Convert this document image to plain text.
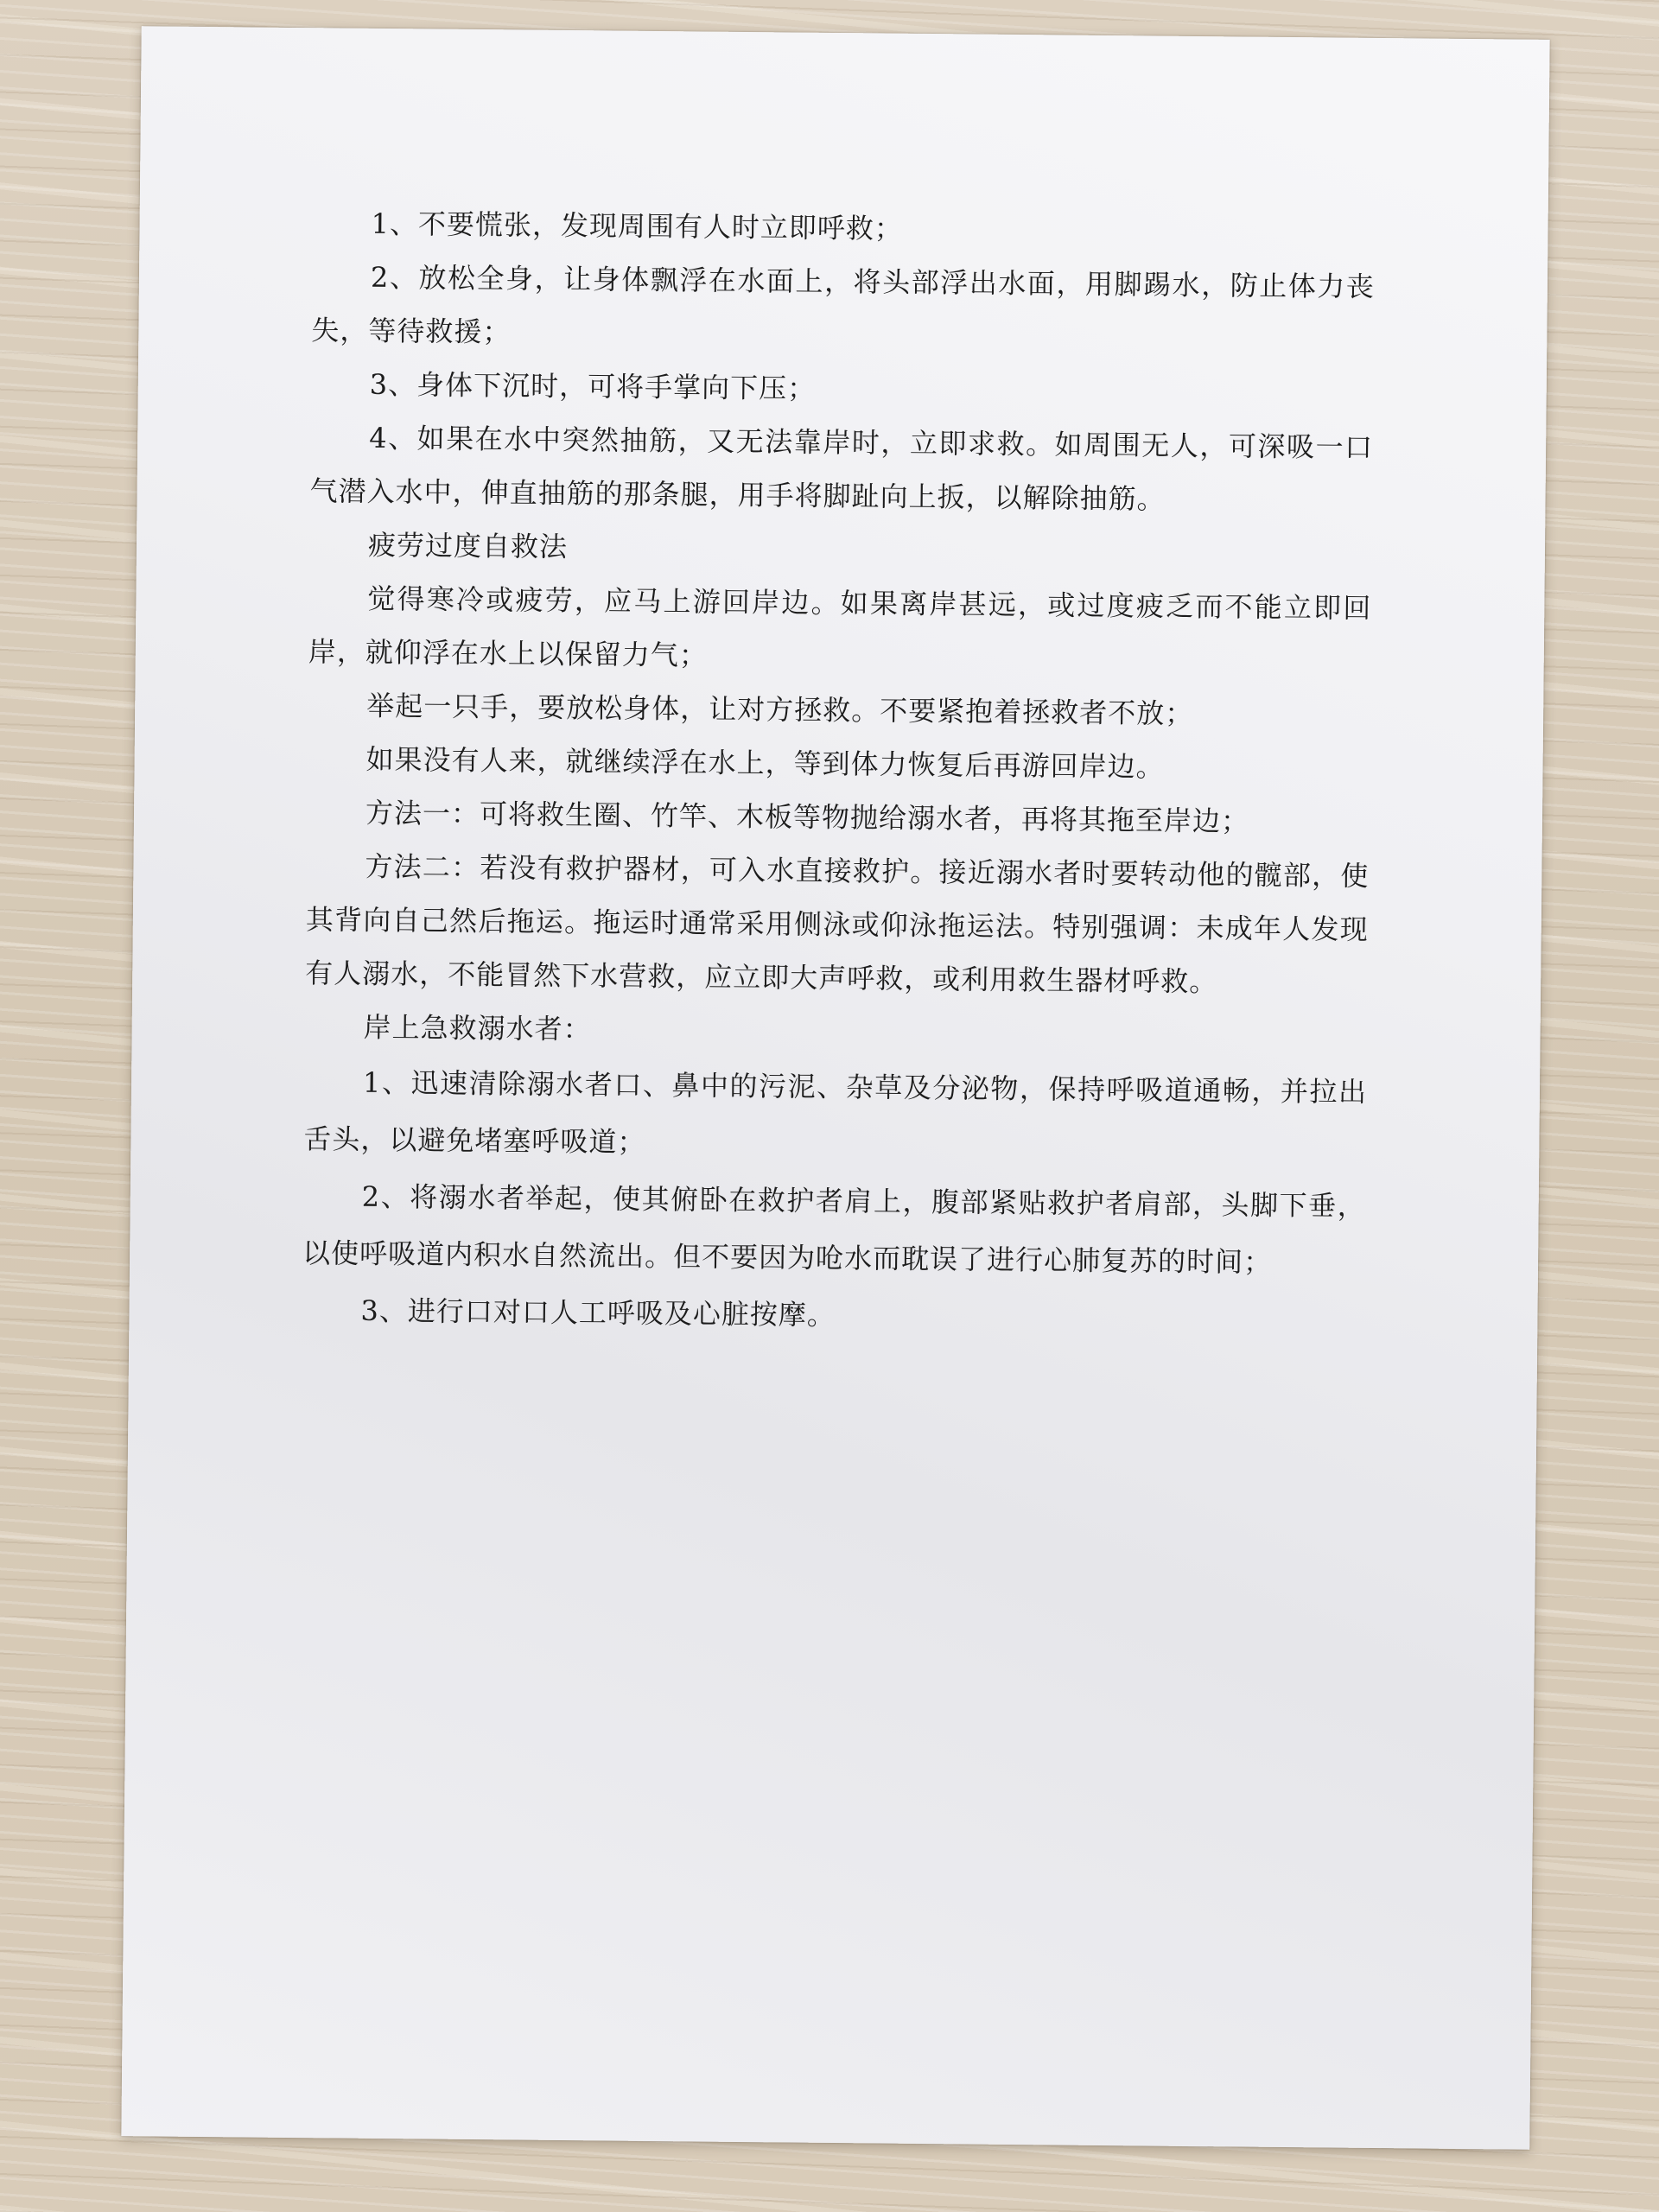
1、不要慌张，发现周围有人时立即呼救；

2、放松全身，让身体飘浮在水面上，将头部浮出水面，用脚踢水，防止体力丧失，等待救援；

3、身体下沉时，可将手掌向下压；

4、如果在水中突然抽筋，又无法靠岸时，立即求救。如周围无人，可深吸一口气潜入水中，伸直抽筋的那条腿，用手将脚趾向上扳，以解除抽筋。

疲劳过度自救法

觉得寒冷或疲劳，应马上游回岸边。如果离岸甚远，或过度疲乏而不能立即回岸，就仰浮在水上以保留力气；

举起一只手，要放松身体，让对方拯救。不要紧抱着拯救者不放；

如果没有人来，就继续浮在水上，等到体力恢复后再游回岸边。

方法一：可将救生圈、竹竿、木板等物抛给溺水者，再将其拖至岸边；

方法二：若没有救护器材，可入水直接救护。接近溺水者时要转动他的髋部，使其背向自己然后拖运。拖运时通常采用侧泳或仰泳拖运法。特别强调：未成年人发现有人溺水，不能冒然下水营救，应立即大声呼救，或利用救生器材呼救。

岸上急救溺水者：

1、迅速清除溺水者口、鼻中的污泥、杂草及分泌物，保持呼吸道通畅，并拉出舌头，以避免堵塞呼吸道；

2、将溺水者举起，使其俯卧在救护者肩上，腹部紧贴救护者肩部，头脚下垂，以使呼吸道内积水自然流出。但不要因为呛水而耽误了进行心肺复苏的时间；

3、进行口对口人工呼吸及心脏按摩。
